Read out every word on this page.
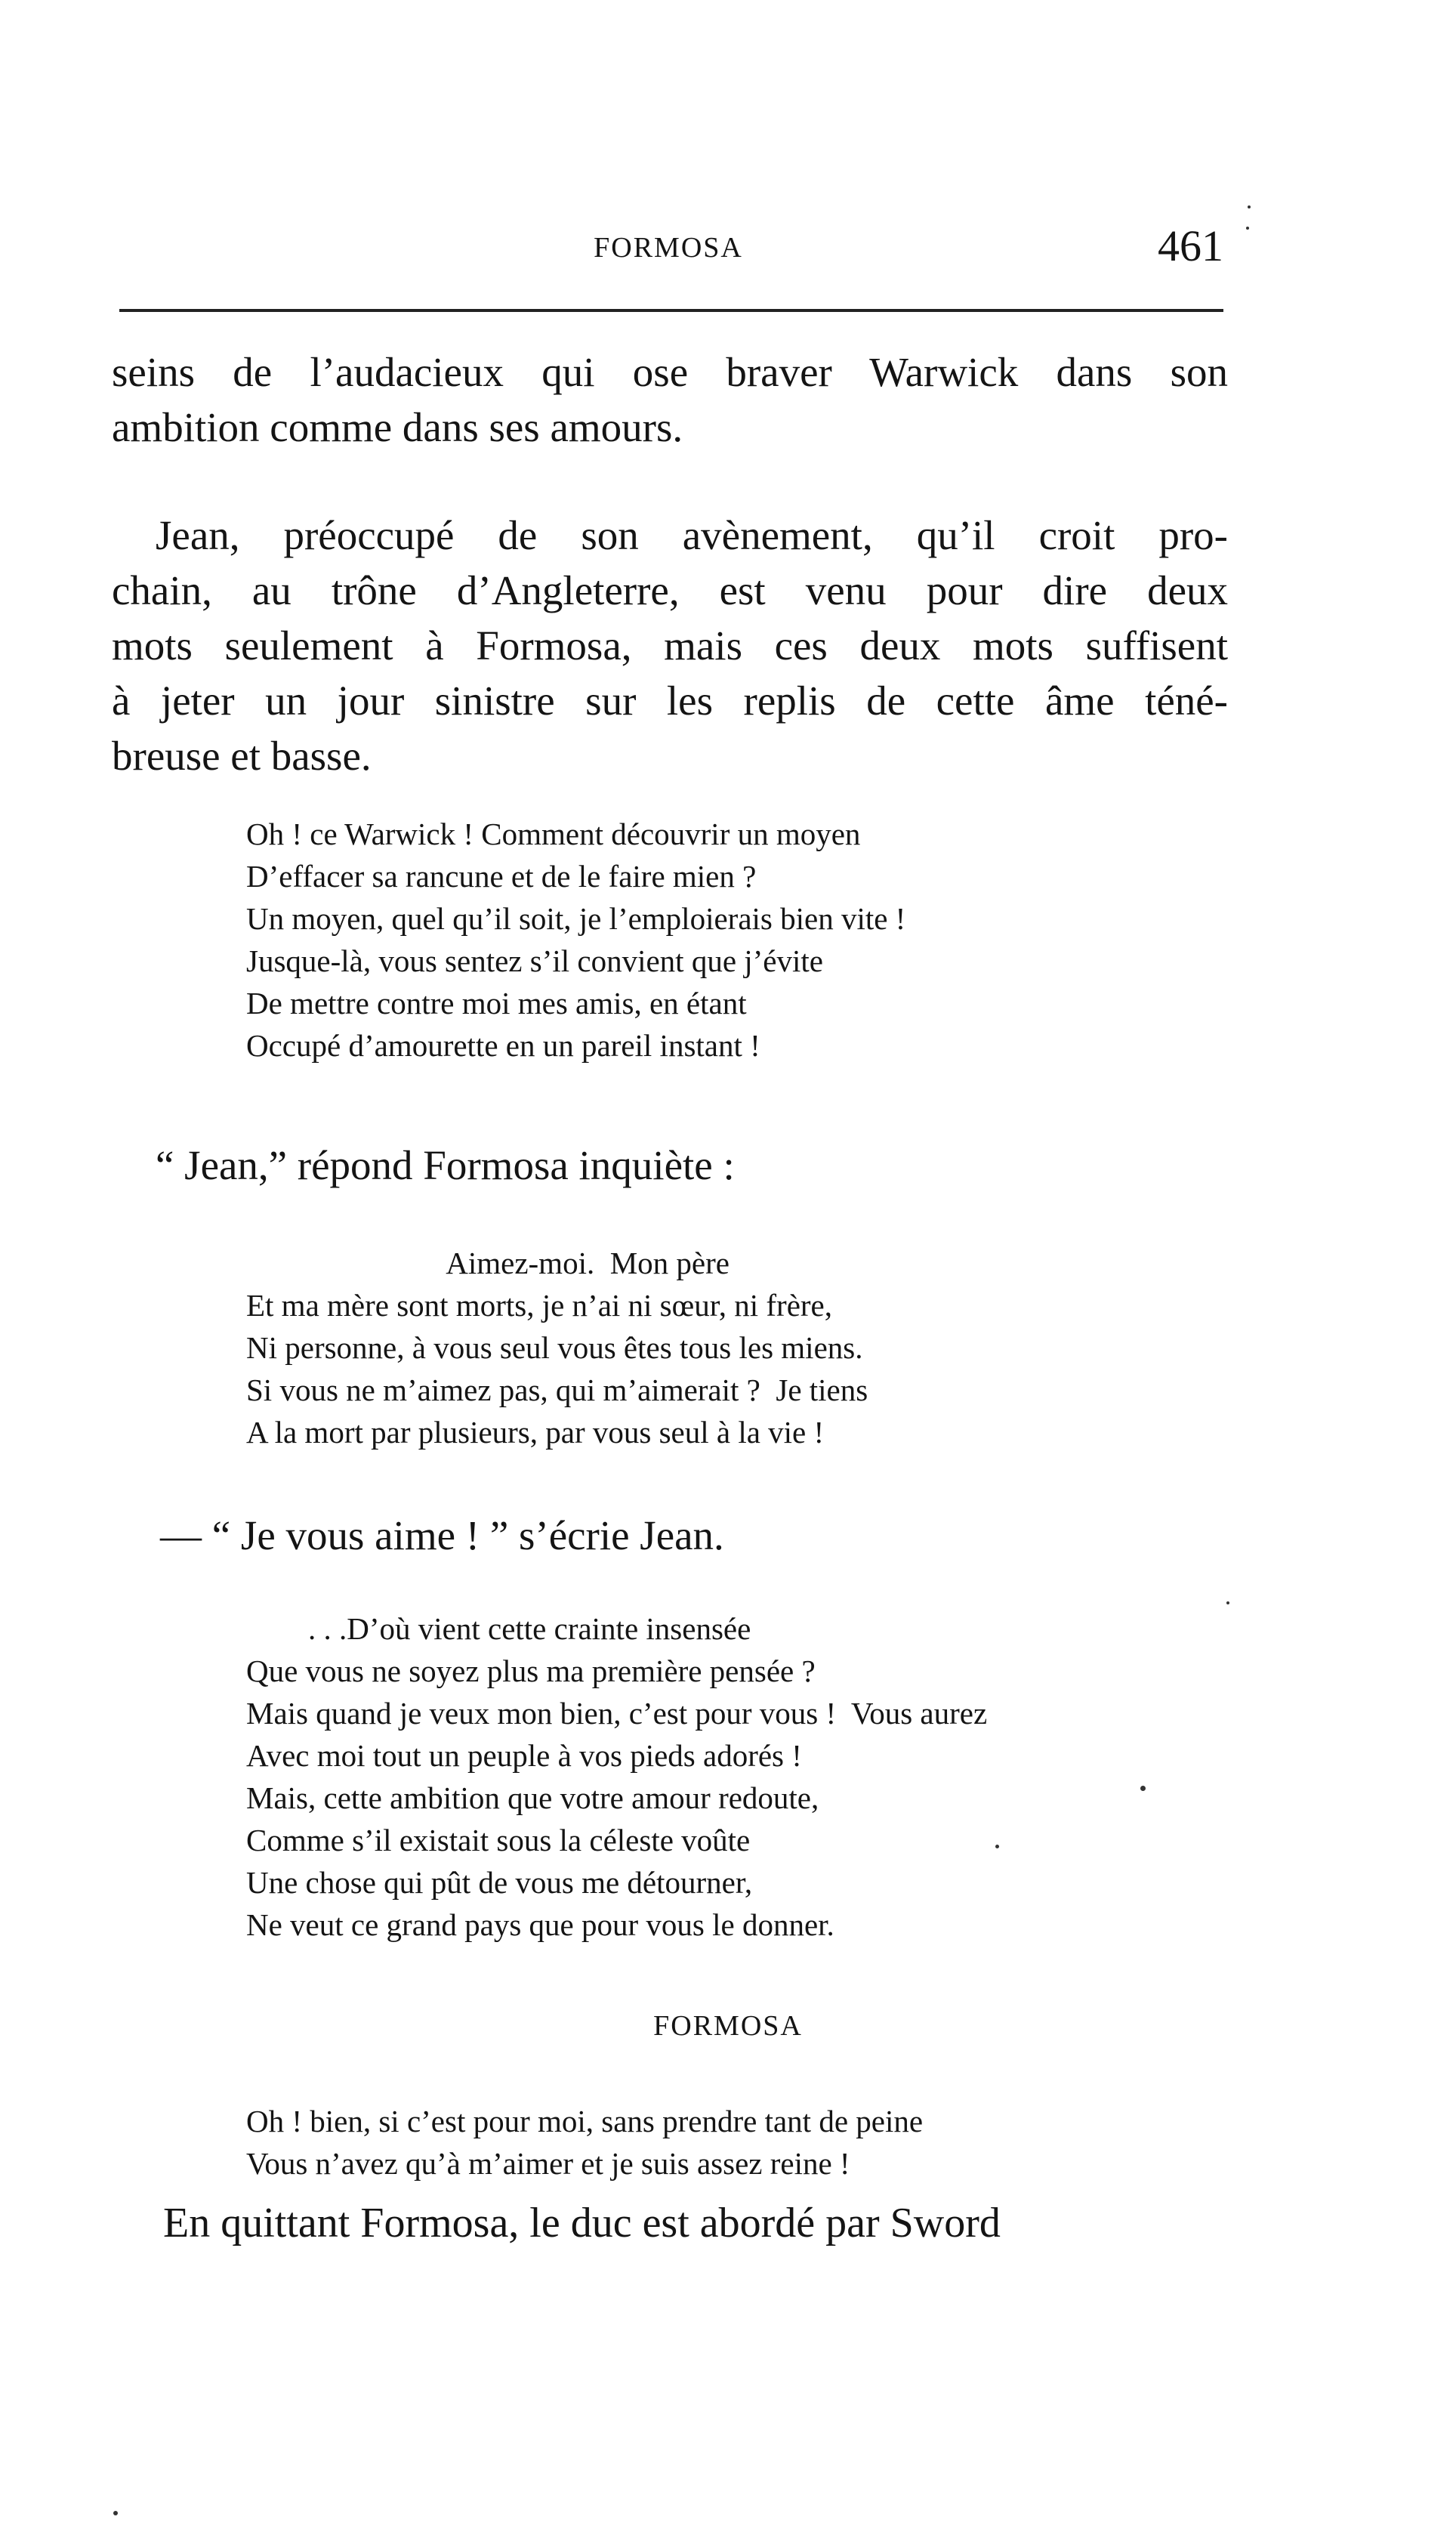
FORMOSA	461
seins de l’audacieux qui ose braver Warwick dans son
ambition comme dans ses amours.
Jean, préoccupé de son avènement, qu’il croit pro-
chain, au trône d’Angleterre, est venu pour dire deux
mots seulement à Formosa, mais ces deux mots suffisent
à jeter un jour sinistre sur les replis de cette âme téné-
breuse et basse.
Oh ! ce Warwick ! Comment découvrir un moyen
D’effacer sa rancune et de le faire mien ?
Un moyen, quel qu’il soit, je l’emploierais bien vite !
Jusque-là, vous sentez s’il convient que j’évite
De mettre contre moi mes amis, en étant
Occupé d’amourette en un pareil instant !
“ Jean,” répond Formosa inquiète :
Aimez-moi.  Mon père
Et ma mère sont morts, je n’ai ni sœur, ni frère,
Ni personne, à vous seul vous êtes tous les miens.
Si vous ne m’aimez pas, qui m’aimerait ?  Je tiens
A la mort par plusieurs, par vous seul à la vie !
— “ Je vous aime ! ” s’écrie Jean.
. . .D’où vient cette crainte insensée
Que vous ne soyez plus ma première pensée ?
Mais quand je veux mon bien, c’est pour vous !  Vous aurez
Avec moi tout un peuple à vos pieds adorés !
Mais, cette ambition que votre amour redoute,
Comme s’il existait sous la céleste voûte
Une chose qui pût de vous me détourner,
Ne veut ce grand pays que pour vous le donner.
FORMOSA
Oh ! bien, si c’est pour moi, sans prendre tant de peine
Vous n’avez qu’à m’aimer et je suis assez reine !
En quittant Formosa, le duc est abordé par Sword
